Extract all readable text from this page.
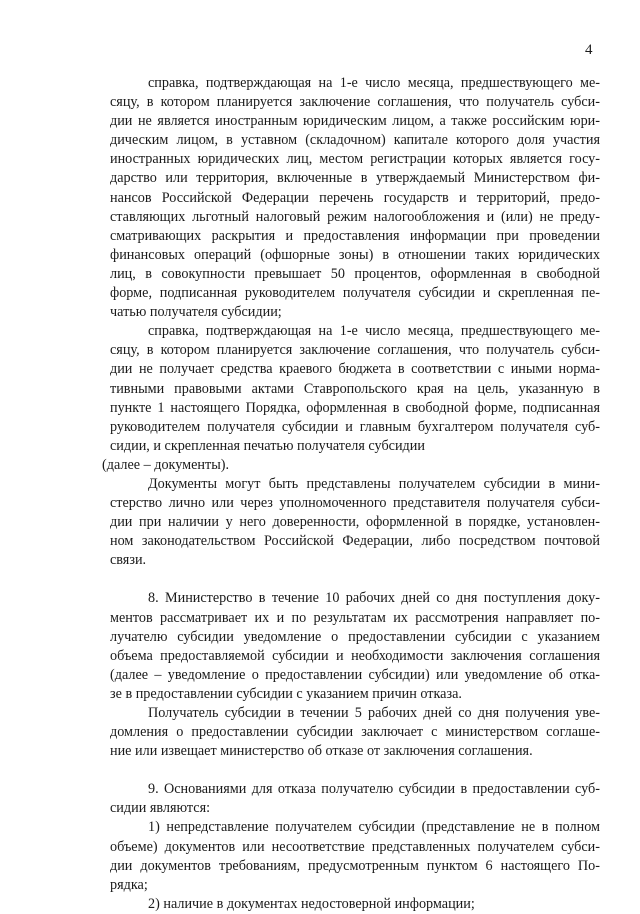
4
справка, подтверждающая на 1-е число месяца, предшествующего ме-
сяцу, в котором планируется заключение соглашения, что получатель субси-
дии не является иностранным юридическим лицом, а также российским юри-
дическим лицом, в уставном (складочном) капитале которого доля участия
иностранных юридических лиц, местом регистрации которых является госу-
дарство или территория, включенные в утверждаемый Министерством фи-
нансов Российской Федерации перечень государств и территорий, предо-
ставляющих льготный налоговый режим налогообложения и (или) не преду-
сматривающих раскрытия и предоставления информации при проведении
финансовых операций (офшорные зоны) в отношении таких юридических
лиц, в совокупности превышает 50 процентов, оформленная в свободной
форме, подписанная руководителем получателя субсидии и скрепленная пе-
чатью получателя субсидии;
справка, подтверждающая на 1-е число месяца, предшествующего ме-
сяцу, в котором планируется заключение соглашения, что получатель субси-
дии не получает средства краевого бюджета в соответствии с иными норма-
тивными правовыми актами Ставропольского края на цель, указанную в
пункте 1 настоящего Порядка, оформленная в свободной форме, подписанная
руководителем получателя субсидии и главным бухгалтером получателя суб-
сидии, и скрепленная печатью получателя субсидии
(далее – документы).
Документы могут быть представлены получателем субсидии в мини-
стерство лично или через уполномоченного представителя получателя субси-
дии при наличии у него доверенности, оформленной в порядке, установлен-
ном законодательством Российской Федерации, либо посредством почтовой
связи.
8. Министерство в течение 10 рабочих дней со дня поступления доку-
ментов рассматривает их и по результатам их рассмотрения направляет по-
лучателю субсидии уведомление о предоставлении субсидии с указанием
объема предоставляемой субсидии и необходимости заключения соглашения
(далее – уведомление о предоставлении субсидии) или уведомление об отка-
зе в предоставлении субсидии с указанием причин отказа.
Получатель субсидии в течении 5 рабочих дней со дня получения уве-
домления о предоставлении субсидии заключает с министерством соглаше-
ние или извещает министерство об отказе от заключения соглашения.
9. Основаниями для отказа получателю субсидии в предоставлении суб-
сидии являются:
1) непредставление получателем субсидии (представление не в полном
объеме) документов или несоответствие представленных получателем субси-
дии документов требованиям, предусмотренным пунктом 6 настоящего По-
рядка;
2) наличие в документах недостоверной информации;
